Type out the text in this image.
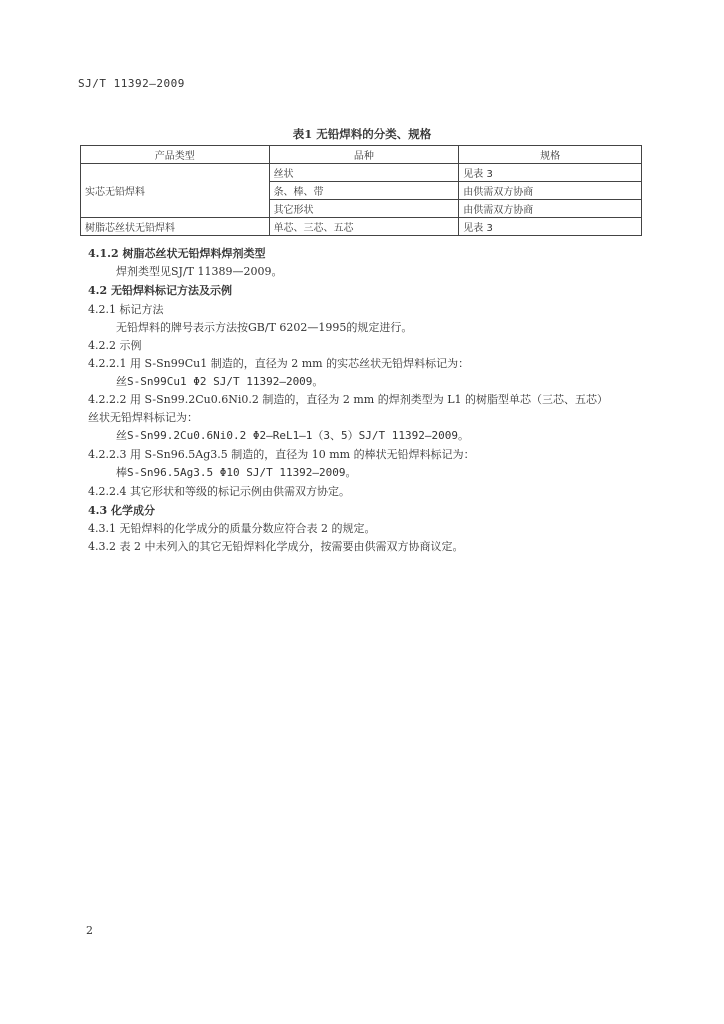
SJ/T 11392—2009
表1 无铅焊料的分类、规格
产品类型	品种	规格
实芯无铅焊料	丝状	见表 3
	条、棒、带	由供需双方协商
	其它形状	由供需双方协商
树脂芯丝状无铅焊料	单芯、三芯、五芯	见表 3
4.1.2 树脂芯丝状无铅焊料焊剂类型
焊剂类型见SJ/T 11389—2009。
4.2 无铅焊料标记方法及示例
4.2.1 标记方法
无铅焊料的牌号表示方法按GB/T 6202—1995的规定进行。
4.2.2 示例
4.2.2.1 用 S-Sn99Cu1 制造的，直径为 2 mm 的实芯丝状无铅焊料标记为：
丝S-Sn99Cu1 Φ2 SJ/T 11392—2009。
4.2.2.2 用 S-Sn99.2Cu0.6Ni0.2 制造的，直径为 2 mm 的焊剂类型为 L1 的树脂型单芯（三芯、五芯）
丝状无铅焊料标记为：
丝S-Sn99.2Cu0.6Ni0.2 Φ2—ReL1—1（3、5）SJ/T 11392—2009。
4.2.2.3 用 S-Sn96.5Ag3.5 制造的，直径为 10 mm 的棒状无铅焊料标记为：
棒S-Sn96.5Ag3.5 Φ10 SJ/T 11392—2009。
4.2.2.4 其它形状和等级的标记示例由供需双方协定。
4.3 化学成分
4.3.1 无铅焊料的化学成分的质量分数应符合表 2 的规定。
4.3.2 表 2 中未列入的其它无铅焊料化学成分，按需要由供需双方协商议定。
2
